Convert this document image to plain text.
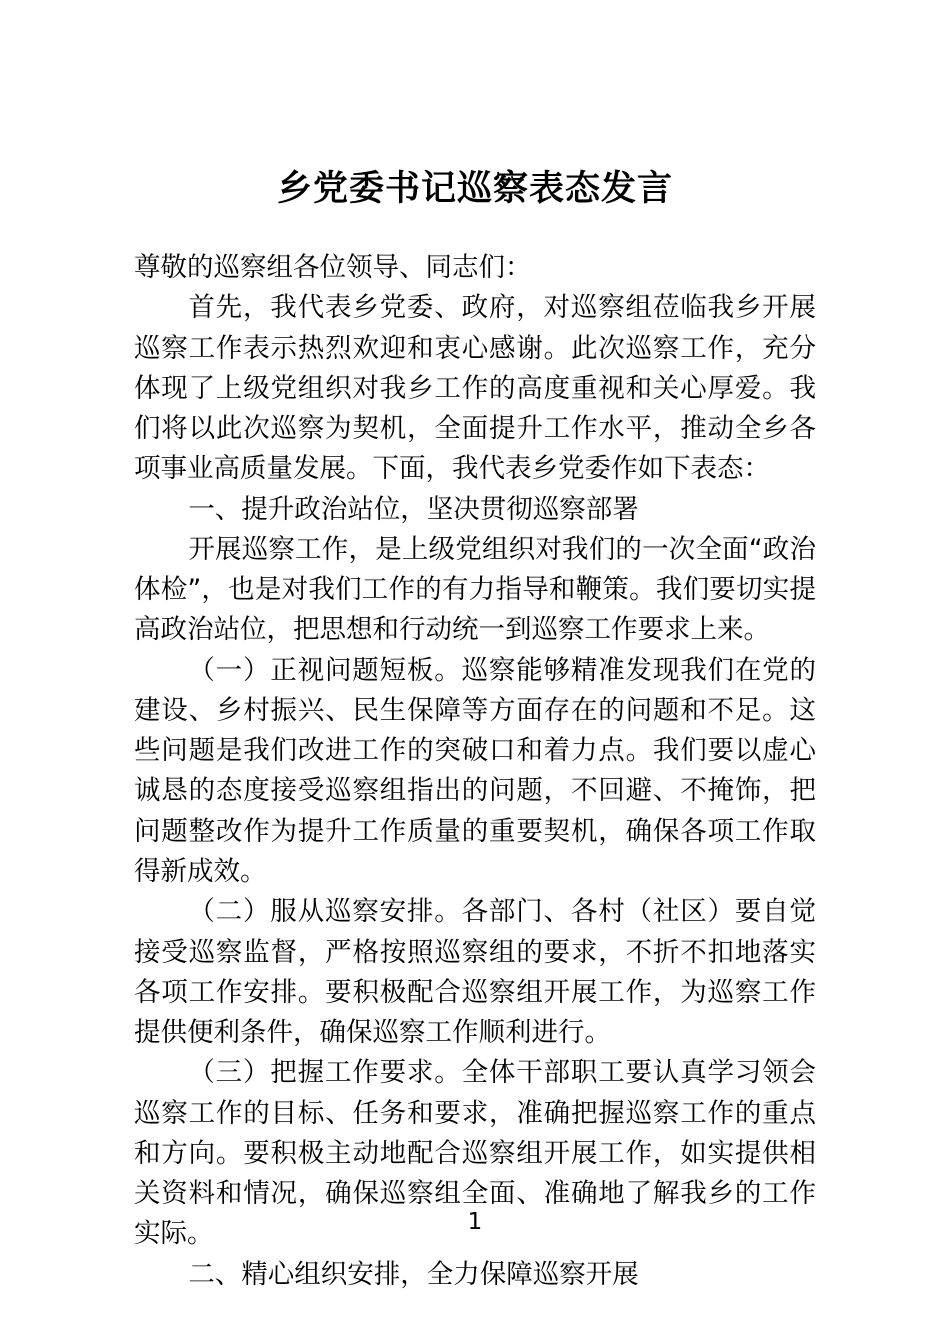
乡党委书记巡察表态发言

尊敬的巡察组各位领导、同志们：

首先，我代表乡党委、政府，对巡察组莅临我乡开展巡察工作表示热烈欢迎和衷心感谢。此次巡察工作，充分体现了上级党组织对我乡工作的高度重视和关心厚爱。我们将以此次巡察为契机，全面提升工作水平，推动全乡各项事业高质量发展。下面，我代表乡党委作如下表态：

一、提升政治站位，坚决贯彻巡察部署

开展巡察工作，是上级党组织对我们的一次全面“政治体检”，也是对我们工作的有力指导和鞭策。我们要切实提高政治站位，把思想和行动统一到巡察工作要求上来。

（一）正视问题短板。巡察能够精准发现我们在党的建设、乡村振兴、民生保障等方面存在的问题和不足。这些问题是我们改进工作的突破口和着力点。我们要以虚心诚恳的态度接受巡察组指出的问题，不回避、不掩饰，把问题整改作为提升工作质量的重要契机，确保各项工作取得新成效。

（二）服从巡察安排。各部门、各村（社区）要自觉接受巡察监督，严格按照巡察组的要求，不折不扣地落实各项工作安排。要积极配合巡察组开展工作，为巡察工作提供便利条件，确保巡察工作顺利进行。

（三）把握工作要求。全体干部职工要认真学习领会巡察工作的目标、任务和要求，准确把握巡察工作的重点和方向。要积极主动地配合巡察组开展工作，如实提供相关资料和情况，确保巡察组全面、准确地了解我乡的工作实际。

二、精心组织安排，全力保障巡察开展

1
